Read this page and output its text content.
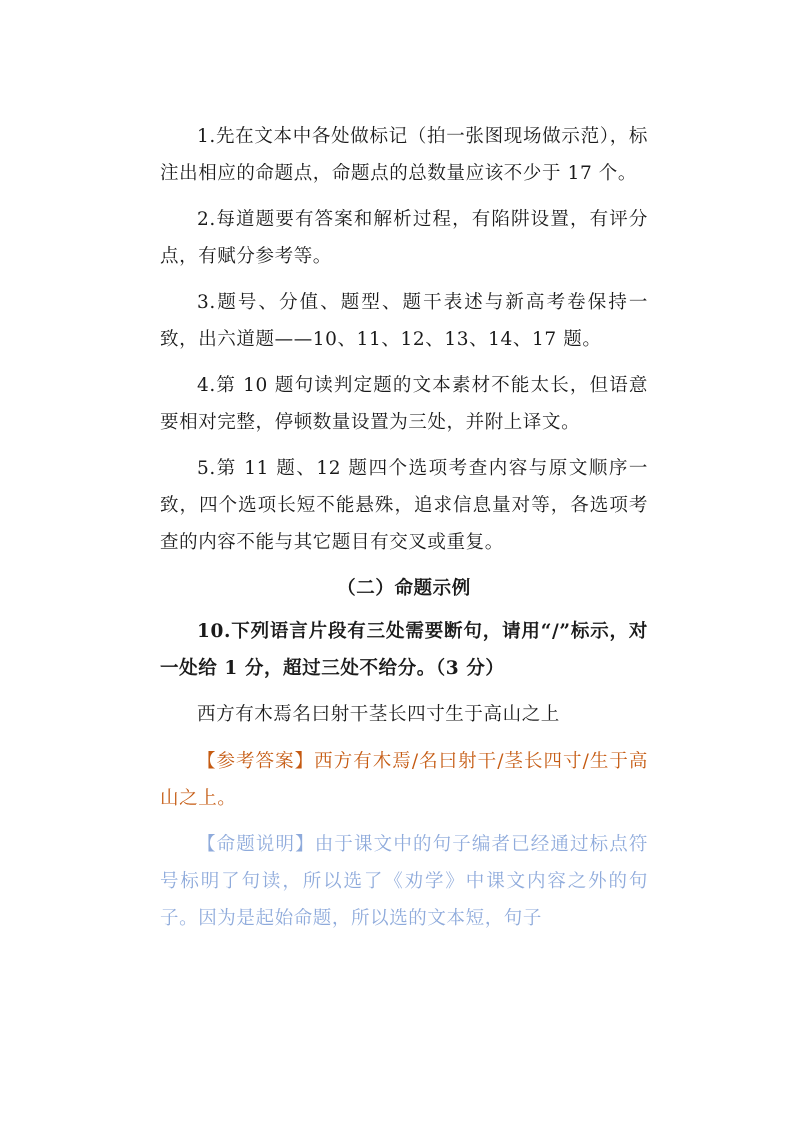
1.先在文本中各处做标记（拍一张图现场做示范），标注出相应的命题点，命题点的总数量应该不少于 17 个。

2.每道题要有答案和解析过程，有陷阱设置，有评分点，有赋分参考等。

3.题号、分值、题型、题干表述与新高考卷保持一致，出六道题——10、11、12、13、14、17 题。

4.第 10 题句读判定题的文本素材不能太长，但语意要相对完整，停顿数量设置为三处，并附上译文。

5.第 11 题、12 题四个选项考查内容与原文顺序一致，四个选项长短不能悬殊，追求信息量对等，各选项考查的内容不能与其它题目有交叉或重复。

（二）命题示例

10.下列语言片段有三处需要断句，请用“/”标示，对一处给 1 分，超过三处不给分。（3 分）

西方有木焉名曰射干茎长四寸生于高山之上

【参考答案】西方有木焉/名曰射干/茎长四寸/生于高山之上。

【命题说明】由于课文中的句子编者已经通过标点符号标明了句读，所以选了《劝学》中课文内容之外的句子。因为是起始命题，所以选的文本短，句子
